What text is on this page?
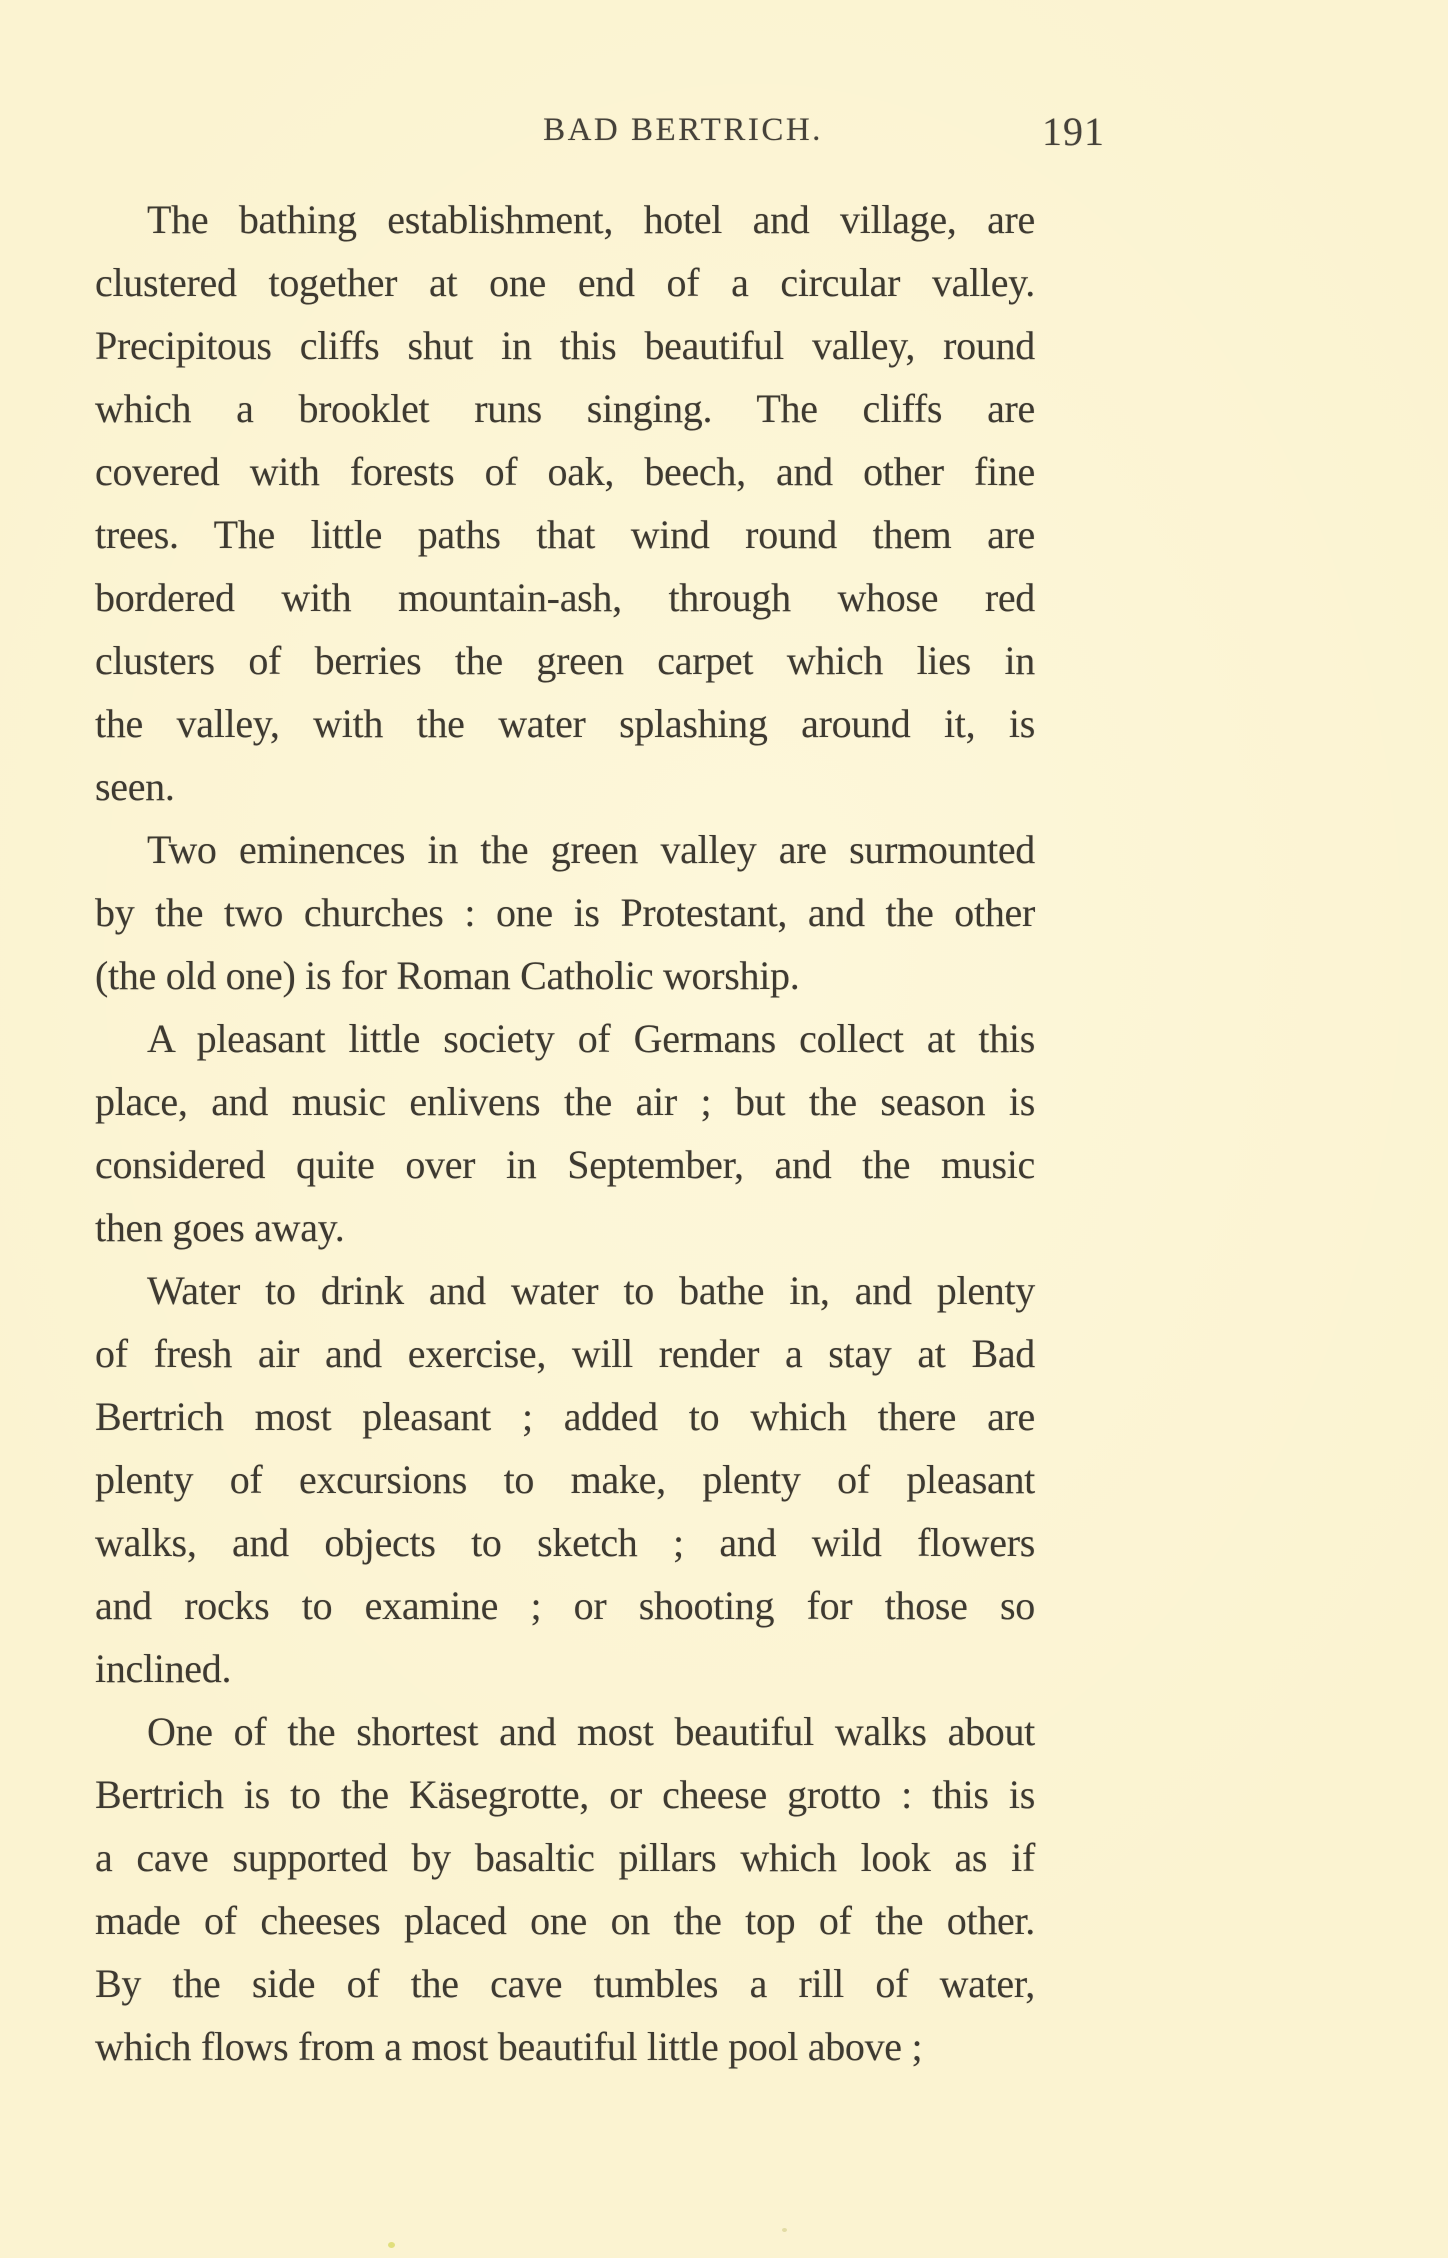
BAD BERTRICH.	191
The bathing establishment, hotel and village, are
clustered together at one end of a circular valley.
Precipitous cliffs shut in this beautiful valley, round
which a brooklet runs singing. The cliffs are
covered with forests of oak, beech, and other fine
trees. The little paths that wind round them are
bordered with mountain-ash, through whose red
clusters of berries the green carpet which lies in
the valley, with the water splashing around it, is
seen.
Two eminences in the green valley are surmounted
by the two churches : one is Protestant, and the other
(the old one) is for Roman Catholic worship.
A pleasant little society of Germans collect at this
place, and music enlivens the air ; but the season is
considered quite over in September, and the music
then goes away.
Water to drink and water to bathe in, and plenty
of fresh air and exercise, will render a stay at Bad
Bertrich most pleasant ; added to which there are
plenty of excursions to make, plenty of pleasant
walks, and objects to sketch ; and wild flowers
and rocks to examine ; or shooting for those so
inclined.
One of the shortest and most beautiful walks about
Bertrich is to the Käsegrotte, or cheese grotto : this is
a cave supported by basaltic pillars which look as if
made of cheeses placed one on the top of the other.
By the side of the cave tumbles a rill of water,
which flows from a most beautiful little pool above ;
